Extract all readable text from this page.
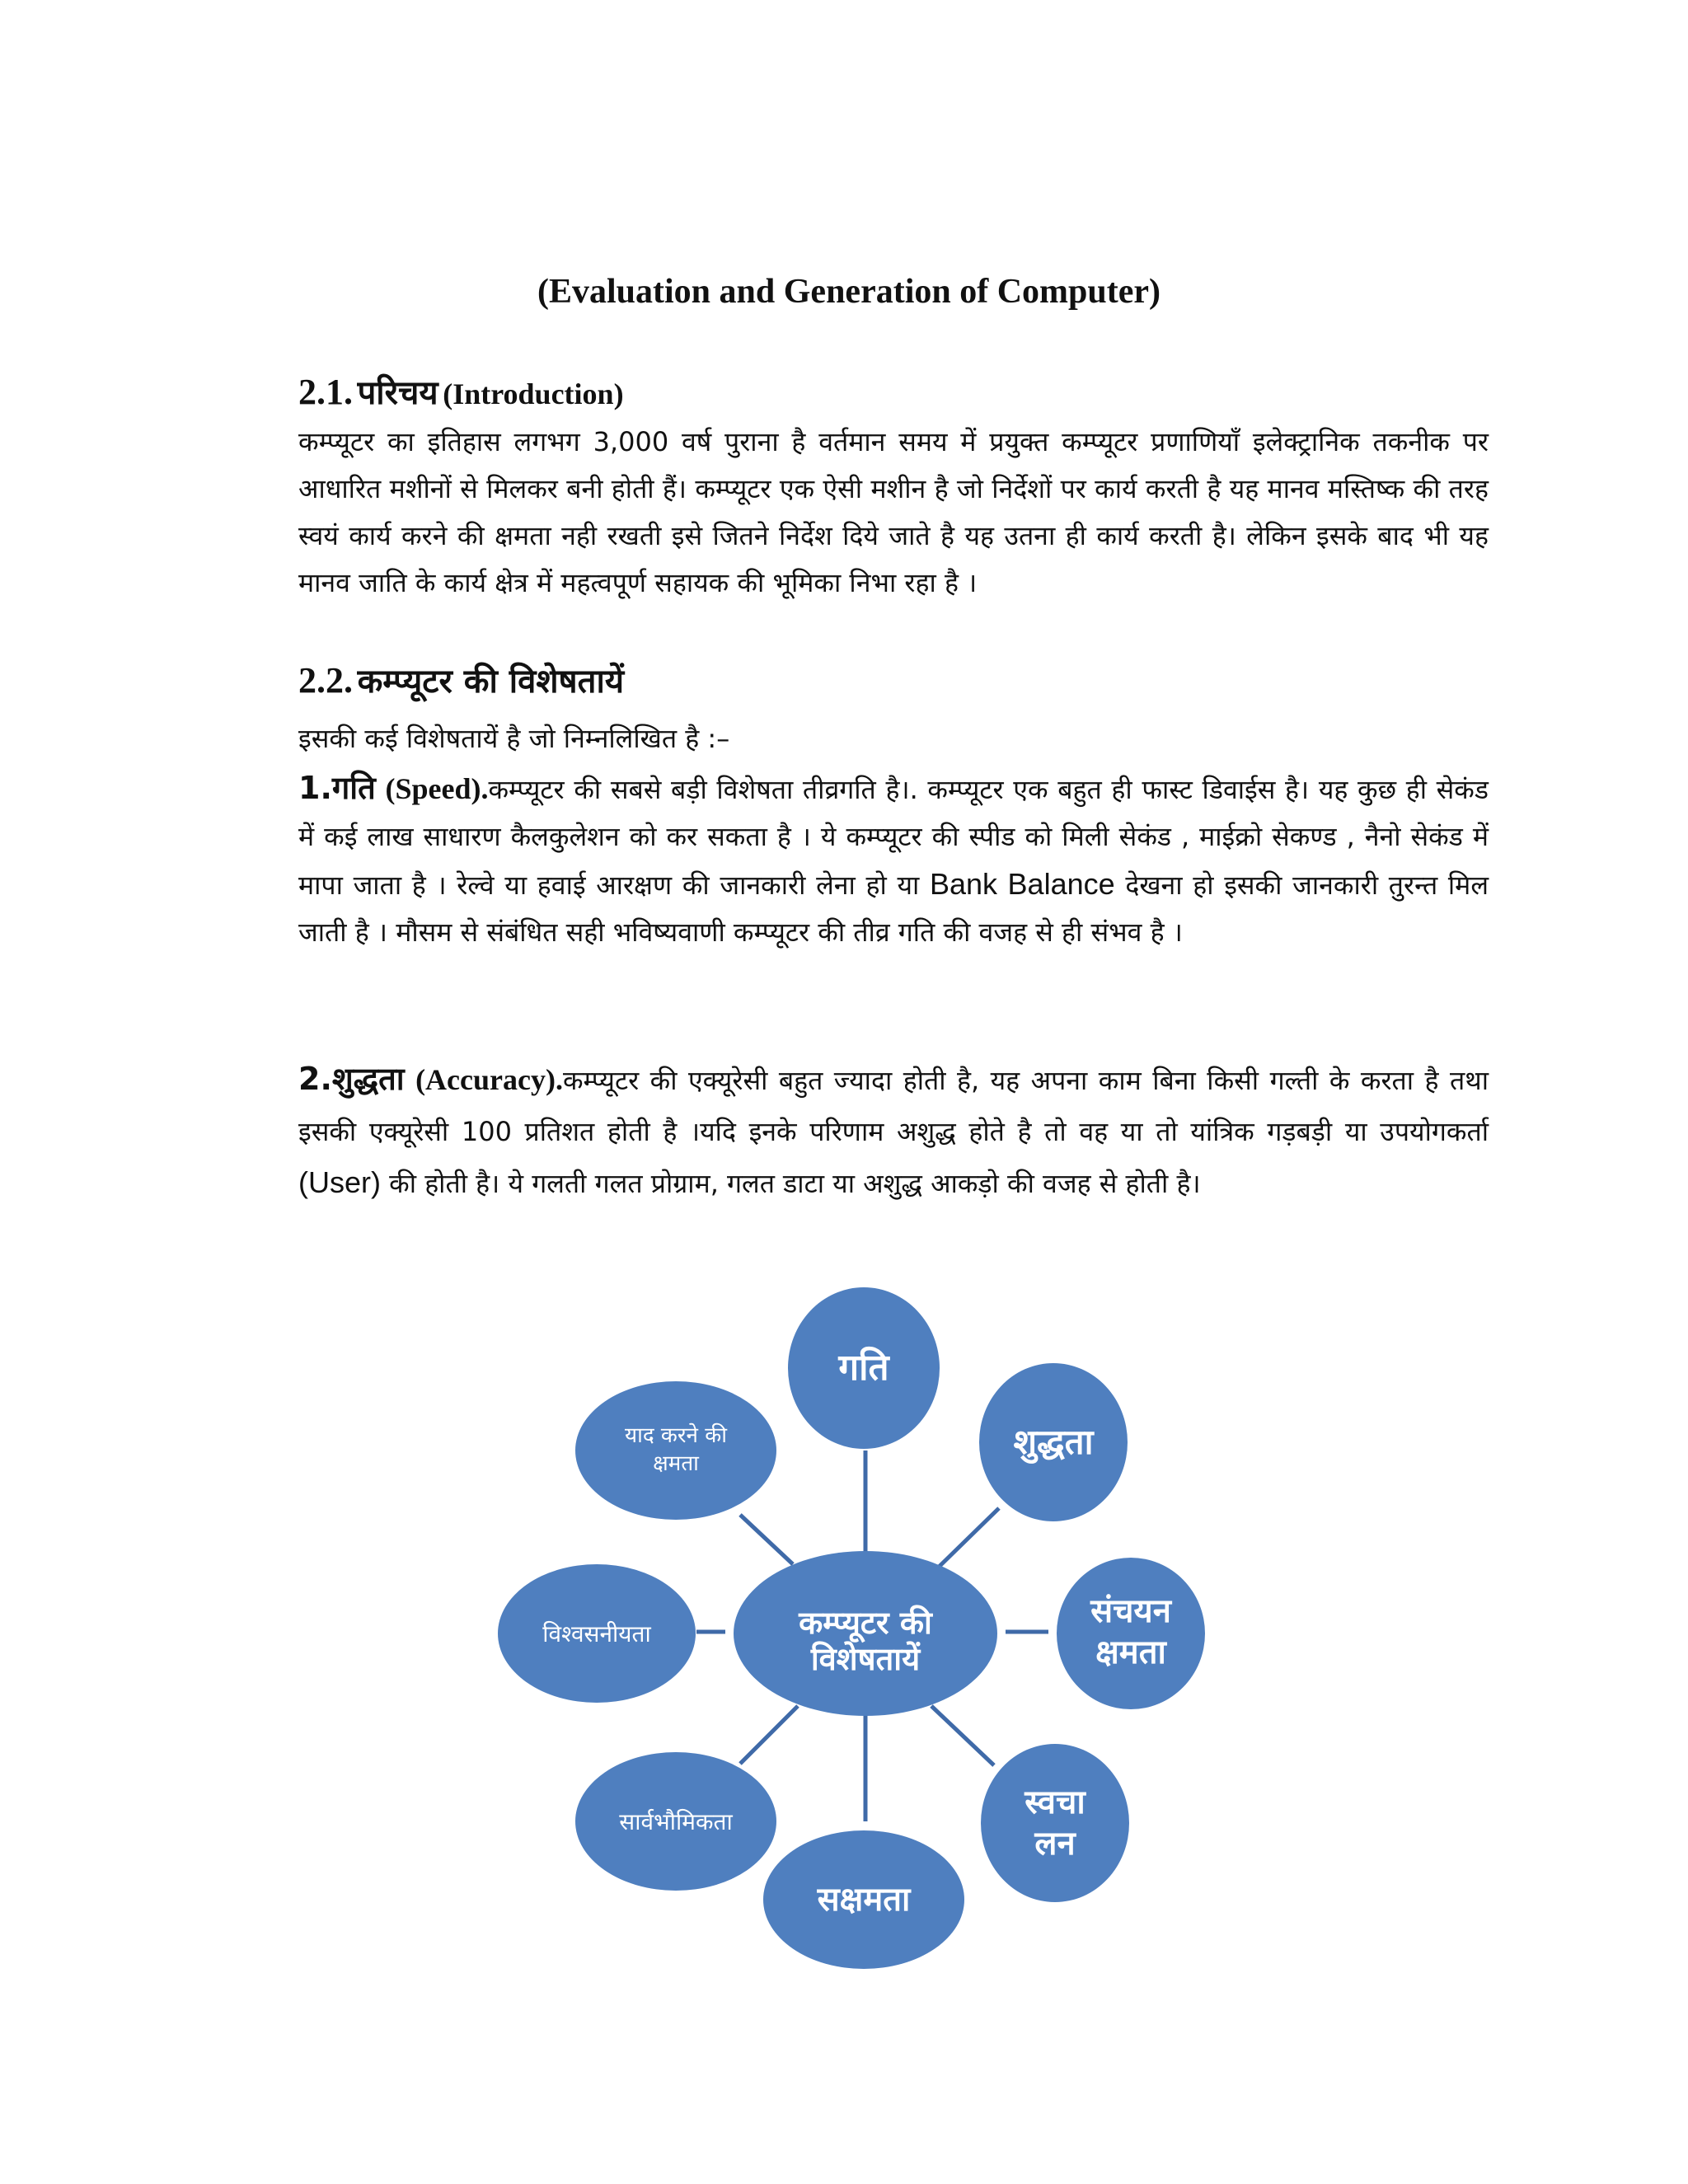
(Evaluation and Generation of Computer)
2.1. परिचय (Introduction)
कम्प्यूटर का इतिहास लगभग 3,000 वर्ष पुराना है वर्तमान समय में प्रयुक्त कम्प्यूटर प्रणाणियाँ इलेक्ट्रानिक तकनीक पर आधारित मशीनों से मिलकर बनी होती हैं। कम्प्यूटर एक ऐसी मशीन है जो निर्देशों पर कार्य करती है यह मानव मस्तिष्क की तरह स्वयं कार्य करने की क्षमता नही रखती इसे जितने निर्देश दिये जाते है यह उतना ही कार्य करती है। लेकिन इसके बाद भी यह मानव जाति के कार्य क्षेत्र में महत्वपूर्ण सहायक की भूमिका निभा रहा है ।
2.2. कम्प्यूटर की विशेषतायें
इसकी कई विशेषतायें है जो निम्नलिखित है :–
1.गति (Speed).कम्प्यूटर की सबसे बड़ी विशेषता तीव्रगति है।. कम्प्यूटर एक बहुत ही फास्ट डिवाईस है। यह कुछ ही सेकंड में कई लाख साधारण कैलकुलेशन को कर सकता है । ये कम्प्यूटर की स्पीड को मिली सेकंड , माईक्रो सेकण्ड , नैनो सेकंड में मापा जाता है । रेल्वे या हवाई आरक्षण की जानकारी लेना हो या Bank Balance देखना हो इसकी जानकारी तुरन्त मिल जाती है । मौसम से संबंधित सही भविष्यवाणी कम्प्यूटर की तीव्र गति की वजह से ही संभव है ।
2.शुद्धता (Accuracy).कम्प्यूटर की एक्यूरेसी बहुत ज्यादा होती है, यह अपना काम बिना किसी गल्ती के करता है तथा इसकी एक्यूरेसी 100 प्रतिशत होती है ।यदि इनके परिणाम अशुद्ध होते है तो वह या तो यांत्रिक गड़बड़ी या उपयोगकर्ता (User) की होती है। ये गलती गलत प्रोग्राम, गलत डाटा या अशुद्ध आकड़ो की वजह से होती है।
कम्प्यूटर की
विशेषतायें
गति
शुद्धता
संचयन
क्षमता
स्वचा
लन
सक्षमता
सार्वभौमिकता
विश्वसनीयता
याद करने की
क्षमता
